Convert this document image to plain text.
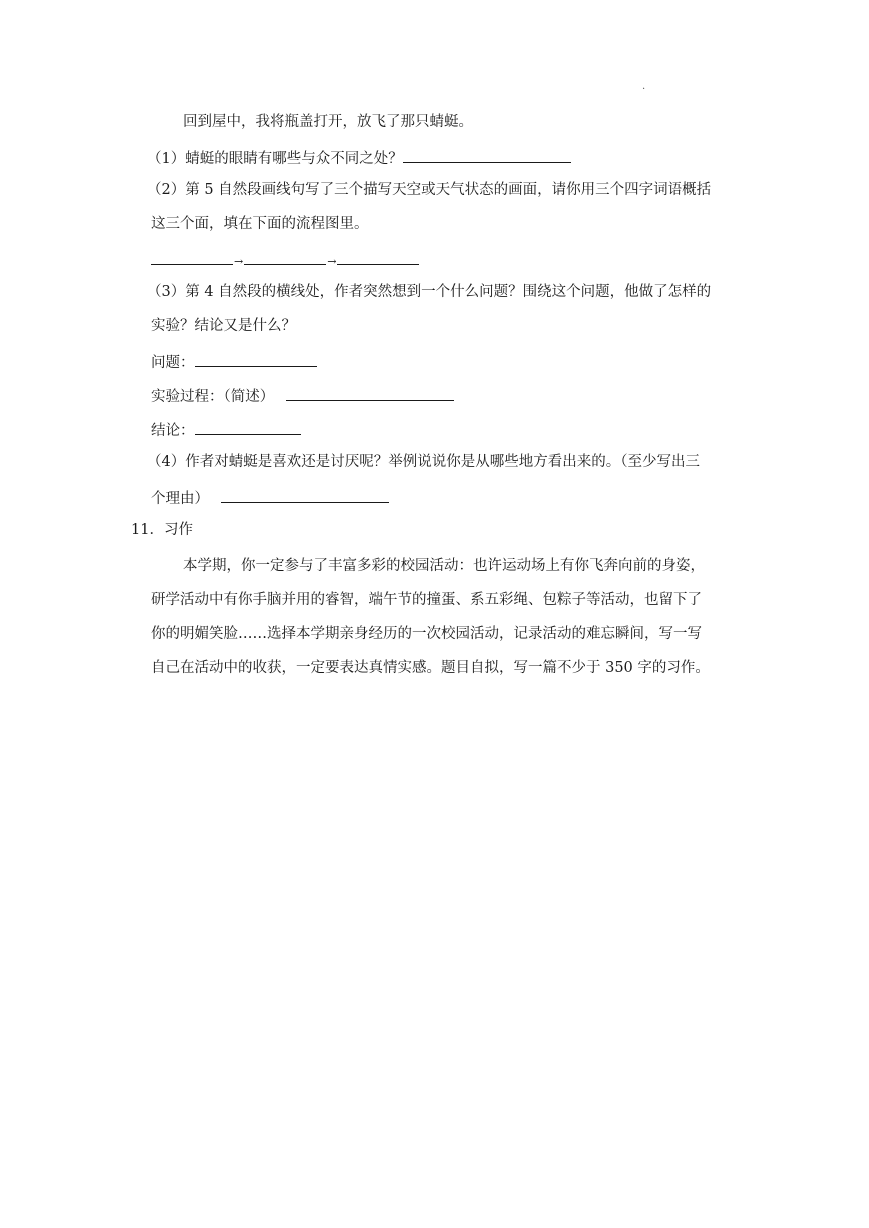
.
回到屋中，我将瓶盖打开，放飞了那只蜻蜓。
（1）蜻蜓的眼睛有哪些与众不同之处？
（2）第 5 自然段画线句写了三个描写天空或天气状态的画面，请你用三个四字词语概括
这三个面，填在下面的流程图里。
→	→
（3）第 4 自然段的横线处，作者突然想到一个什么问题？围绕这个问题，他做了怎样的
实验？结论又是什么？
问题：
实验过程：（简述）
结论：
（4）作者对蜻蜓是喜欢还是讨厌呢？举例说说你是从哪些地方看出来的。（至少写出三
个理由）
11．习作
本学期，你一定参与了丰富多彩的校园活动：也许运动场上有你飞奔向前的身姿，
研学活动中有你手脑并用的睿智，端午节的撞蛋、系五彩绳、包粽子等活动，也留下了
你的明媚笑脸……选择本学期亲身经历的一次校园活动，记录活动的难忘瞬间，写一写
自己在活动中的收获，一定要表达真情实感。题目自拟，写一篇不少于 350 字的习作。
